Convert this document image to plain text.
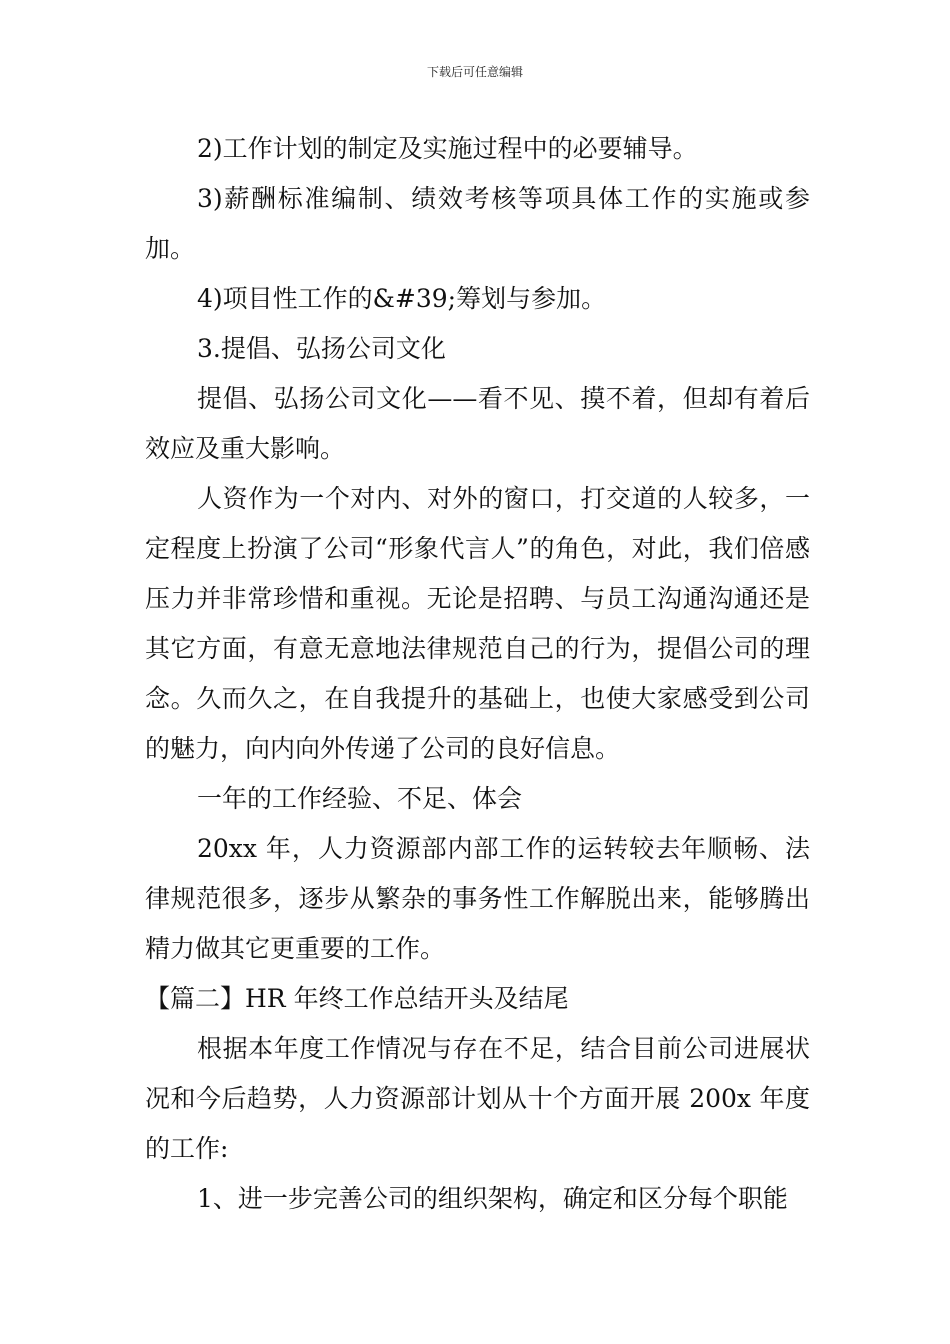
下载后可任意编辑

2)工作计划的制定及实施过程中的必要辅导。

3)薪酬标准编制、绩效考核等项具体工作的实施或参加。

4)项目性工作的&#39;筹划与参加。

3.提倡、弘扬公司文化

提倡、弘扬公司文化——看不见、摸不着，但却有着后效应及重大影响。

人资作为一个对内、对外的窗口，打交道的人较多，一定程度上扮演了公司“形象代言人”的角色，对此，我们倍感压力并非常珍惜和重视。无论是招聘、与员工沟通沟通还是其它方面，有意无意地法律规范自己的行为，提倡公司的理念。久而久之，在自我提升的基础上，也使大家感受到公司的魅力，向内向外传递了公司的良好信息。

一年的工作经验、不足、体会

20xx 年，人力资源部内部工作的运转较去年顺畅、法律规范很多，逐步从繁杂的事务性工作解脱出来，能够腾出精力做其它更重要的工作。

【篇二】HR 年终工作总结开头及结尾

根据本年度工作情况与存在不足，结合目前公司进展状况和今后趋势，人力资源部计划从十个方面开展 200x 年度的工作:

1、进一步完善公司的组织架构，确定和区分每个职能
